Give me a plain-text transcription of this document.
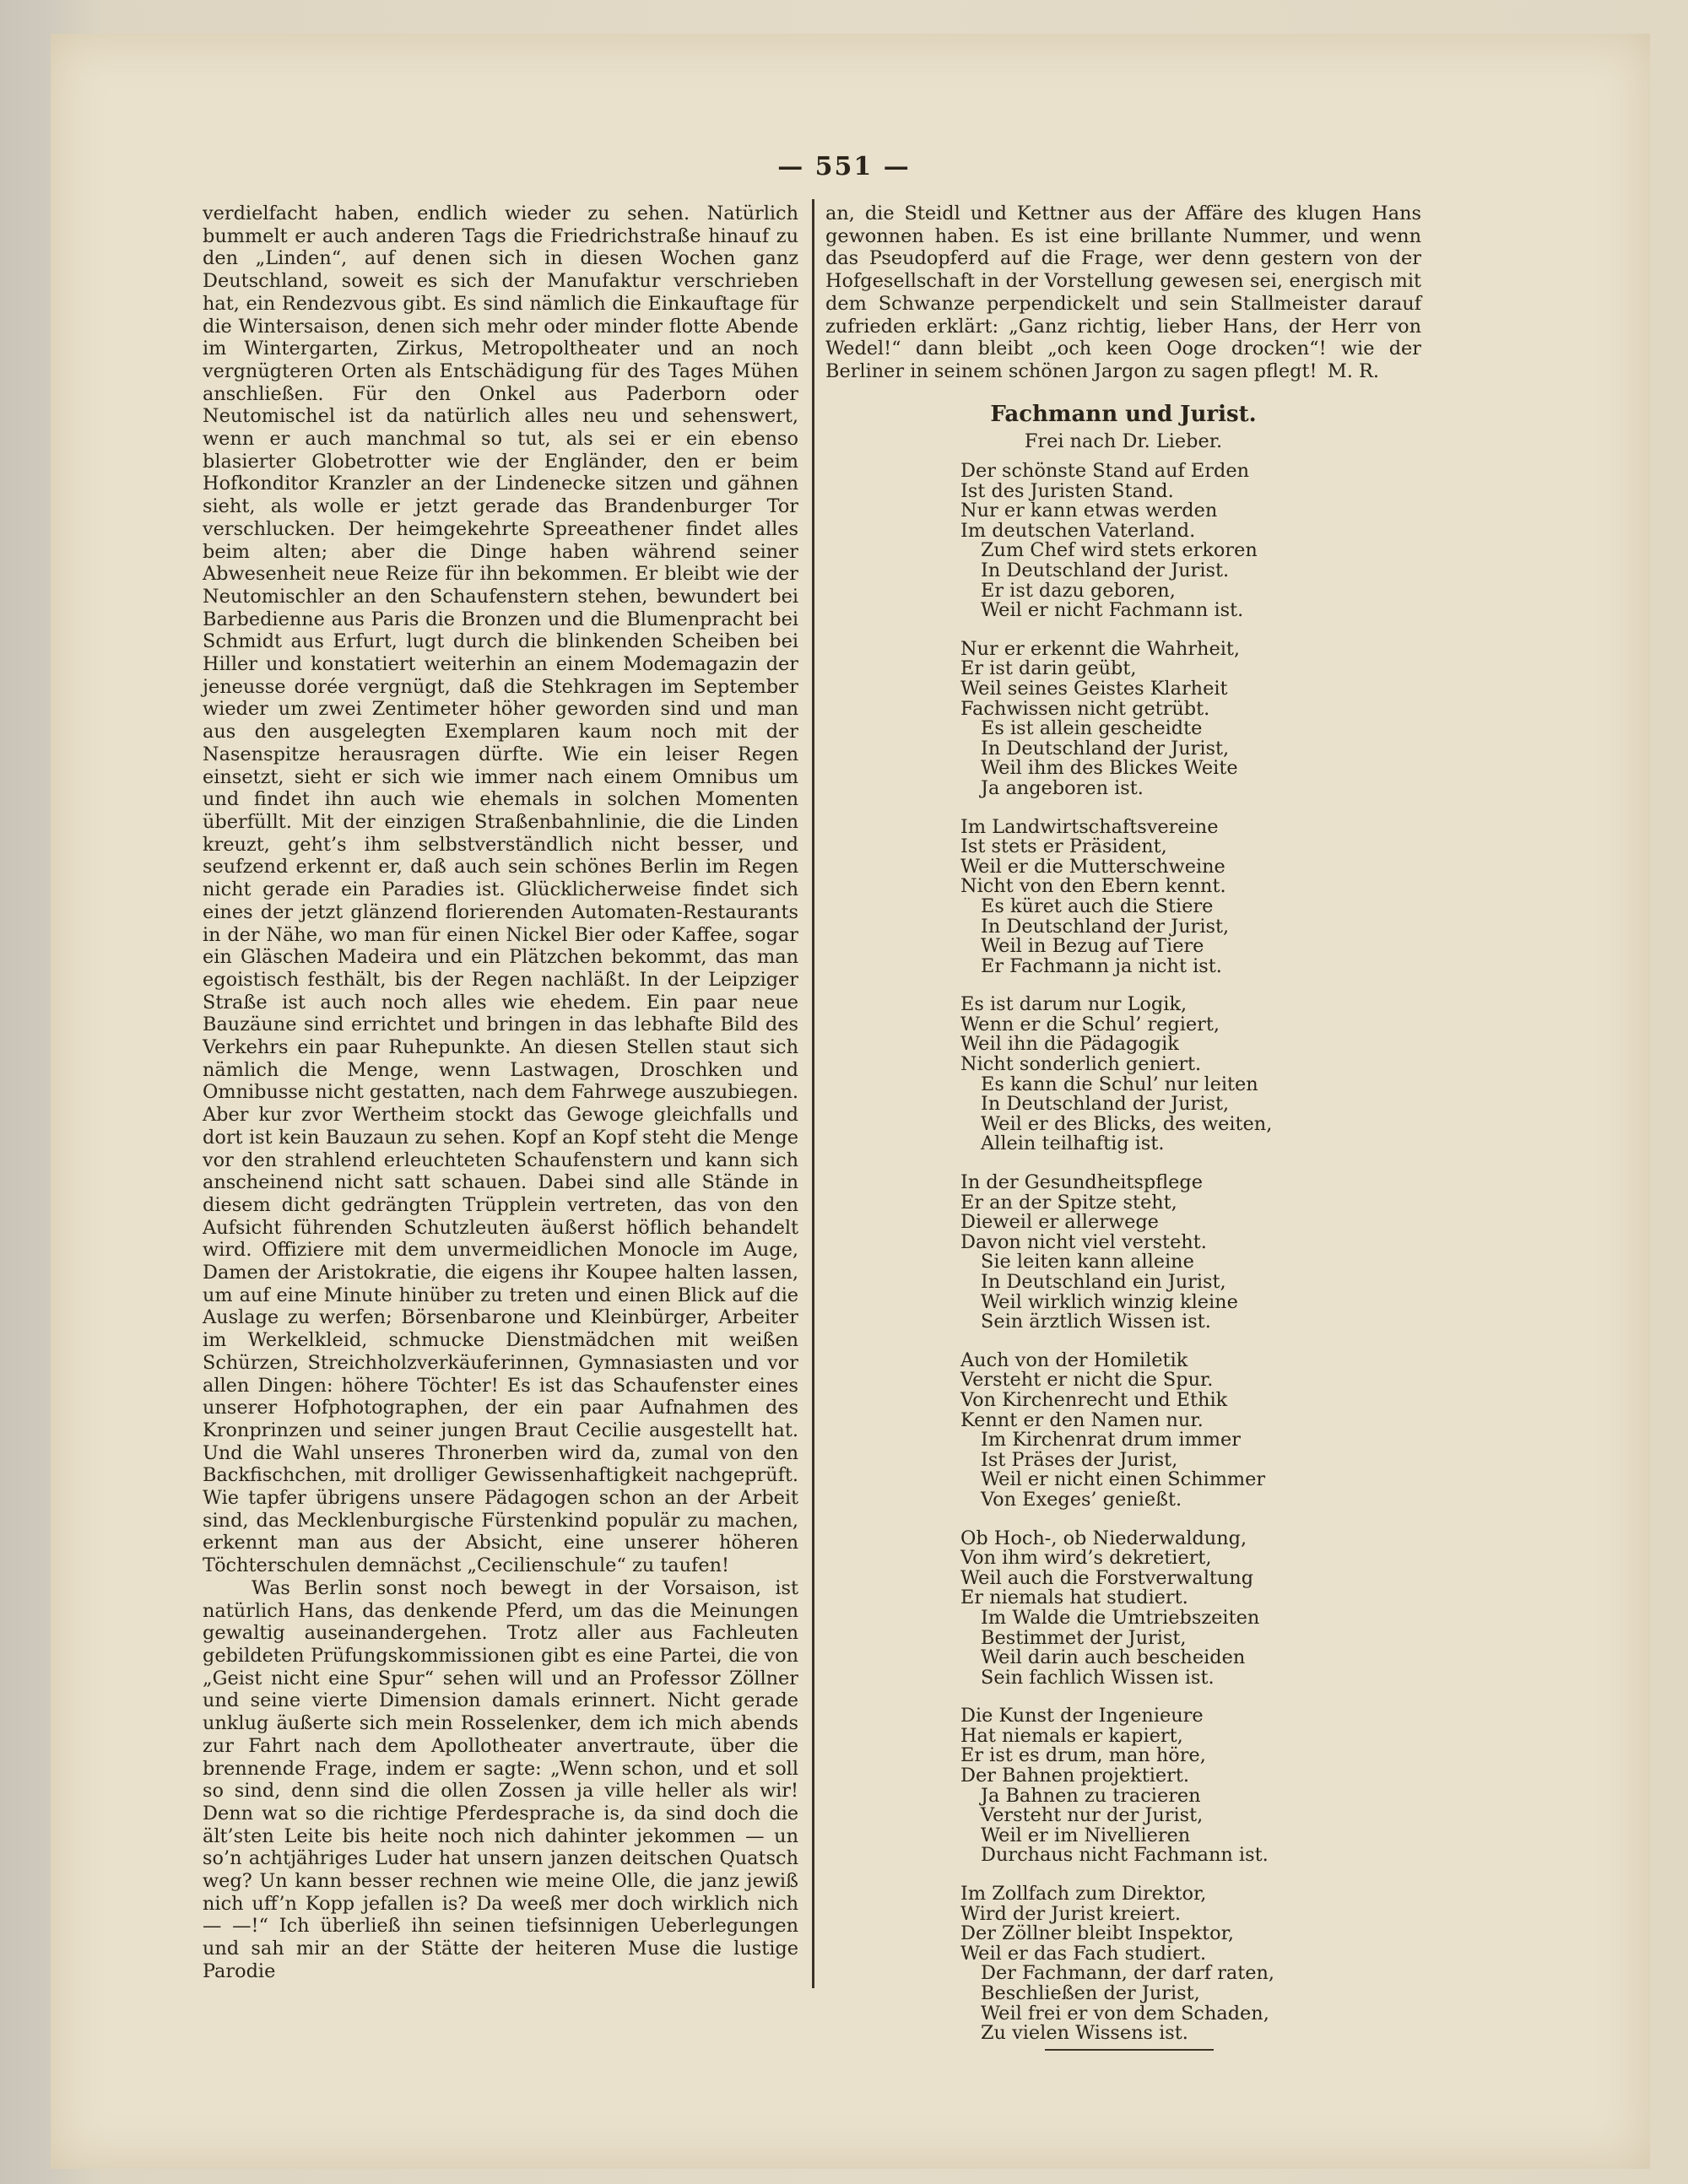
— 551 —

verdielfacht haben, endlich wieder zu sehen. Natürlich bummelt er auch anderen Tags die Friedrichstraße hinauf zu den „Linden“, auf denen sich in diesen Wochen ganz Deutschland, soweit es sich der Manufaktur verschrieben hat, ein Rendezvous gibt. Es sind nämlich die Einkauftage für die Wintersaison, denen sich mehr oder minder flotte Abende im Wintergarten, Zirkus, Metropoltheater und an noch vergnügteren Orten als Entschädigung für des Tages Mühen anschließen. Für den Onkel aus Paderborn oder Neutomischel ist da natürlich alles neu und sehenswert, wenn er auch manchmal so tut, als sei er ein ebenso blasierter Globetrotter wie der Engländer, den er beim Hofkonditor Kranzler an der Lindenecke sitzen und gähnen sieht, als wolle er jetzt gerade das Brandenburger Tor verschlucken. Der heimgekehrte Spreeathener findet alles beim alten; aber die Dinge haben während seiner Abwesenheit neue Reize für ihn bekommen. Er bleibt wie der Neutomischler an den Schaufenstern stehen, bewundert bei Barbedienne aus Paris die Bronzen und die Blumenpracht bei Schmidt aus Erfurt, lugt durch die blinkenden Scheiben bei Hiller und konstatiert weiterhin an einem Modemagazin der jeneusse dorée vergnügt, daß die Stehkragen im September wieder um zwei Zentimeter höher geworden sind und man aus den ausgelegten Exemplaren kaum noch mit der Nasenspitze herausragen dürfte. Wie ein leiser Regen einsetzt, sieht er sich wie immer nach einem Omnibus um und findet ihn auch wie ehemals in solchen Momenten überfüllt. Mit der einzigen Straßenbahnlinie, die die Linden kreuzt, geht’s ihm selbstverständlich nicht besser, und seufzend erkennt er, daß auch sein schönes Berlin im Regen nicht gerade ein Paradies ist. Glücklicherweise findet sich eines der jetzt glänzend florierenden Automaten-Restaurants in der Nähe, wo man für einen Nickel Bier oder Kaffee, sogar ein Gläschen Madeira und ein Plätzchen bekommt, das man egoistisch festhält, bis der Regen nachläßt. In der Leipziger Straße ist auch noch alles wie ehedem. Ein paar neue Bauzäune sind errichtet und bringen in das lebhafte Bild des Verkehrs ein paar Ruhepunkte. An diesen Stellen staut sich nämlich die Menge, wenn Lastwagen, Droschken und Omnibusse nicht gestatten, nach dem Fahrwege auszubiegen. Aber kur zvor Wertheim stockt das Gewoge gleichfalls und dort ist kein Bauzaun zu sehen. Kopf an Kopf steht die Menge vor den strahlend erleuchteten Schaufenstern und kann sich anscheinend nicht satt schauen. Dabei sind alle Stände in diesem dicht gedrängten Trüpplein vertreten, das von den Aufsicht führenden Schutzleuten äußerst höflich behandelt wird. Offiziere mit dem unvermeidlichen Monocle im Auge, Damen der Aristokratie, die eigens ihr Koupee halten lassen, um auf eine Minute hinüber zu treten und einen Blick auf die Auslage zu werfen; Börsenbarone und Kleinbürger, Arbeiter im Werkelkleid, schmucke Dienstmädchen mit weißen Schürzen, Streichholzverkäuferinnen, Gymnasiasten und vor allen Dingen: höhere Töchter! Es ist das Schaufenster eines unserer Hofphotographen, der ein paar Aufnahmen des Kronprinzen und seiner jungen Braut Cecilie ausgestellt hat. Und die Wahl unseres Thronerben wird da, zumal von den Backfischchen, mit drolliger Gewissenhaftigkeit nachgeprüft. Wie tapfer übrigens unsere Pädagogen schon an der Arbeit sind, das Mecklenburgische Fürstenkind populär zu machen, erkennt man aus der Absicht, eine unserer höheren Töchterschulen demnächst „Cecilienschule“ zu taufen!

Was Berlin sonst noch bewegt in der Vorsaison, ist natürlich Hans, das denkende Pferd, um das die Meinungen gewaltig auseinandergehen. Trotz aller aus Fachleuten gebildeten Prüfungskommissionen gibt es eine Partei, die von „Geist nicht eine Spur“ sehen will und an Professor Zöllner und seine vierte Dimension damals erinnert. Nicht gerade unklug äußerte sich mein Rosselenker, dem ich mich abends zur Fahrt nach dem Apollotheater anvertraute, über die brennende Frage, indem er sagte: „Wenn schon, und et soll so sind, denn sind die ollen Zossen ja ville heller als wir! Denn wat so die richtige Pferdesprache is, da sind doch die ält’sten Leite bis heite noch nich dahinter jekommen — un so’n achtjähriges Luder hat unsern janzen deitschen Quatsch weg? Un kann besser rechnen wie meine Olle, die janz jewiß nich uff’n Kopp jefallen is? Da weeß mer doch wirklich nich — —!“ Ich überließ ihn seinen tiefsinnigen Ueberlegungen und sah mir an der Stätte der heiteren Muse die lustige Parodie

an, die Steidl und Kettner aus der Affäre des klugen Hans gewonnen haben. Es ist eine brillante Nummer, und wenn das Pseudopferd auf die Frage, wer denn gestern von der Hofgesellschaft in der Vorstellung gewesen sei, energisch mit dem Schwanze perpendickelt und sein Stallmeister darauf zufrieden erklärt: „Ganz richtig, lieber Hans, der Herr von Wedel!“ dann bleibt „och keen Ooge drocken“! wie der Berliner in seinem schönen Jargon zu sagen pflegt! M. R.
Fachmann und Jurist.
Frei nach Dr. Lieber.
Der schönste Stand auf Erden
Ist des Juristen Stand.
Nur er kann etwas werden
Im deutschen Vaterland.
Zum Chef wird stets erkoren
In Deutschland der Jurist.
Er ist dazu geboren,
Weil er nicht Fachmann ist.
Nur er erkennt die Wahrheit,
Er ist darin geübt,
Weil seines Geistes Klarheit
Fachwissen nicht getrübt.
Es ist allein gescheidte
In Deutschland der Jurist,
Weil ihm des Blickes Weite
Ja angeboren ist.
Im Landwirtschaftsvereine
Ist stets er Präsident,
Weil er die Mutterschweine
Nicht von den Ebern kennt.
Es küret auch die Stiere
In Deutschland der Jurist,
Weil in Bezug auf Tiere
Er Fachmann ja nicht ist.
Es ist darum nur Logik,
Wenn er die Schul’ regiert,
Weil ihn die Pädagogik
Nicht sonderlich geniert.
Es kann die Schul’ nur leiten
In Deutschland der Jurist,
Weil er des Blicks, des weiten,
Allein teilhaftig ist.
In der Gesundheitspflege
Er an der Spitze steht,
Dieweil er allerwege
Davon nicht viel versteht.
Sie leiten kann alleine
In Deutschland ein Jurist,
Weil wirklich winzig kleine
Sein ärztlich Wissen ist.
Auch von der Homiletik
Versteht er nicht die Spur.
Von Kirchenrecht und Ethik
Kennt er den Namen nur.
Im Kirchenrat drum immer
Ist Präses der Jurist,
Weil er nicht einen Schimmer
Von Exeges’ genießt.
Ob Hoch-, ob Niederwaldung,
Von ihm wird’s dekretiert,
Weil auch die Forstverwaltung
Er niemals hat studiert.
Im Walde die Umtriebszeiten
Bestimmet der Jurist,
Weil darin auch bescheiden
Sein fachlich Wissen ist.
Die Kunst der Ingenieure
Hat niemals er kapiert,
Er ist es drum, man höre,
Der Bahnen projektiert.
Ja Bahnen zu tracieren
Versteht nur der Jurist,
Weil er im Nivellieren
Durchaus nicht Fachmann ist.
Im Zollfach zum Direktor,
Wird der Jurist kreiert.
Der Zöllner bleibt Inspektor,
Weil er das Fach studiert.
Der Fachmann, der darf raten,
Beschließen der Jurist,
Weil frei er von dem Schaden,
Zu vielen Wissens ist.
